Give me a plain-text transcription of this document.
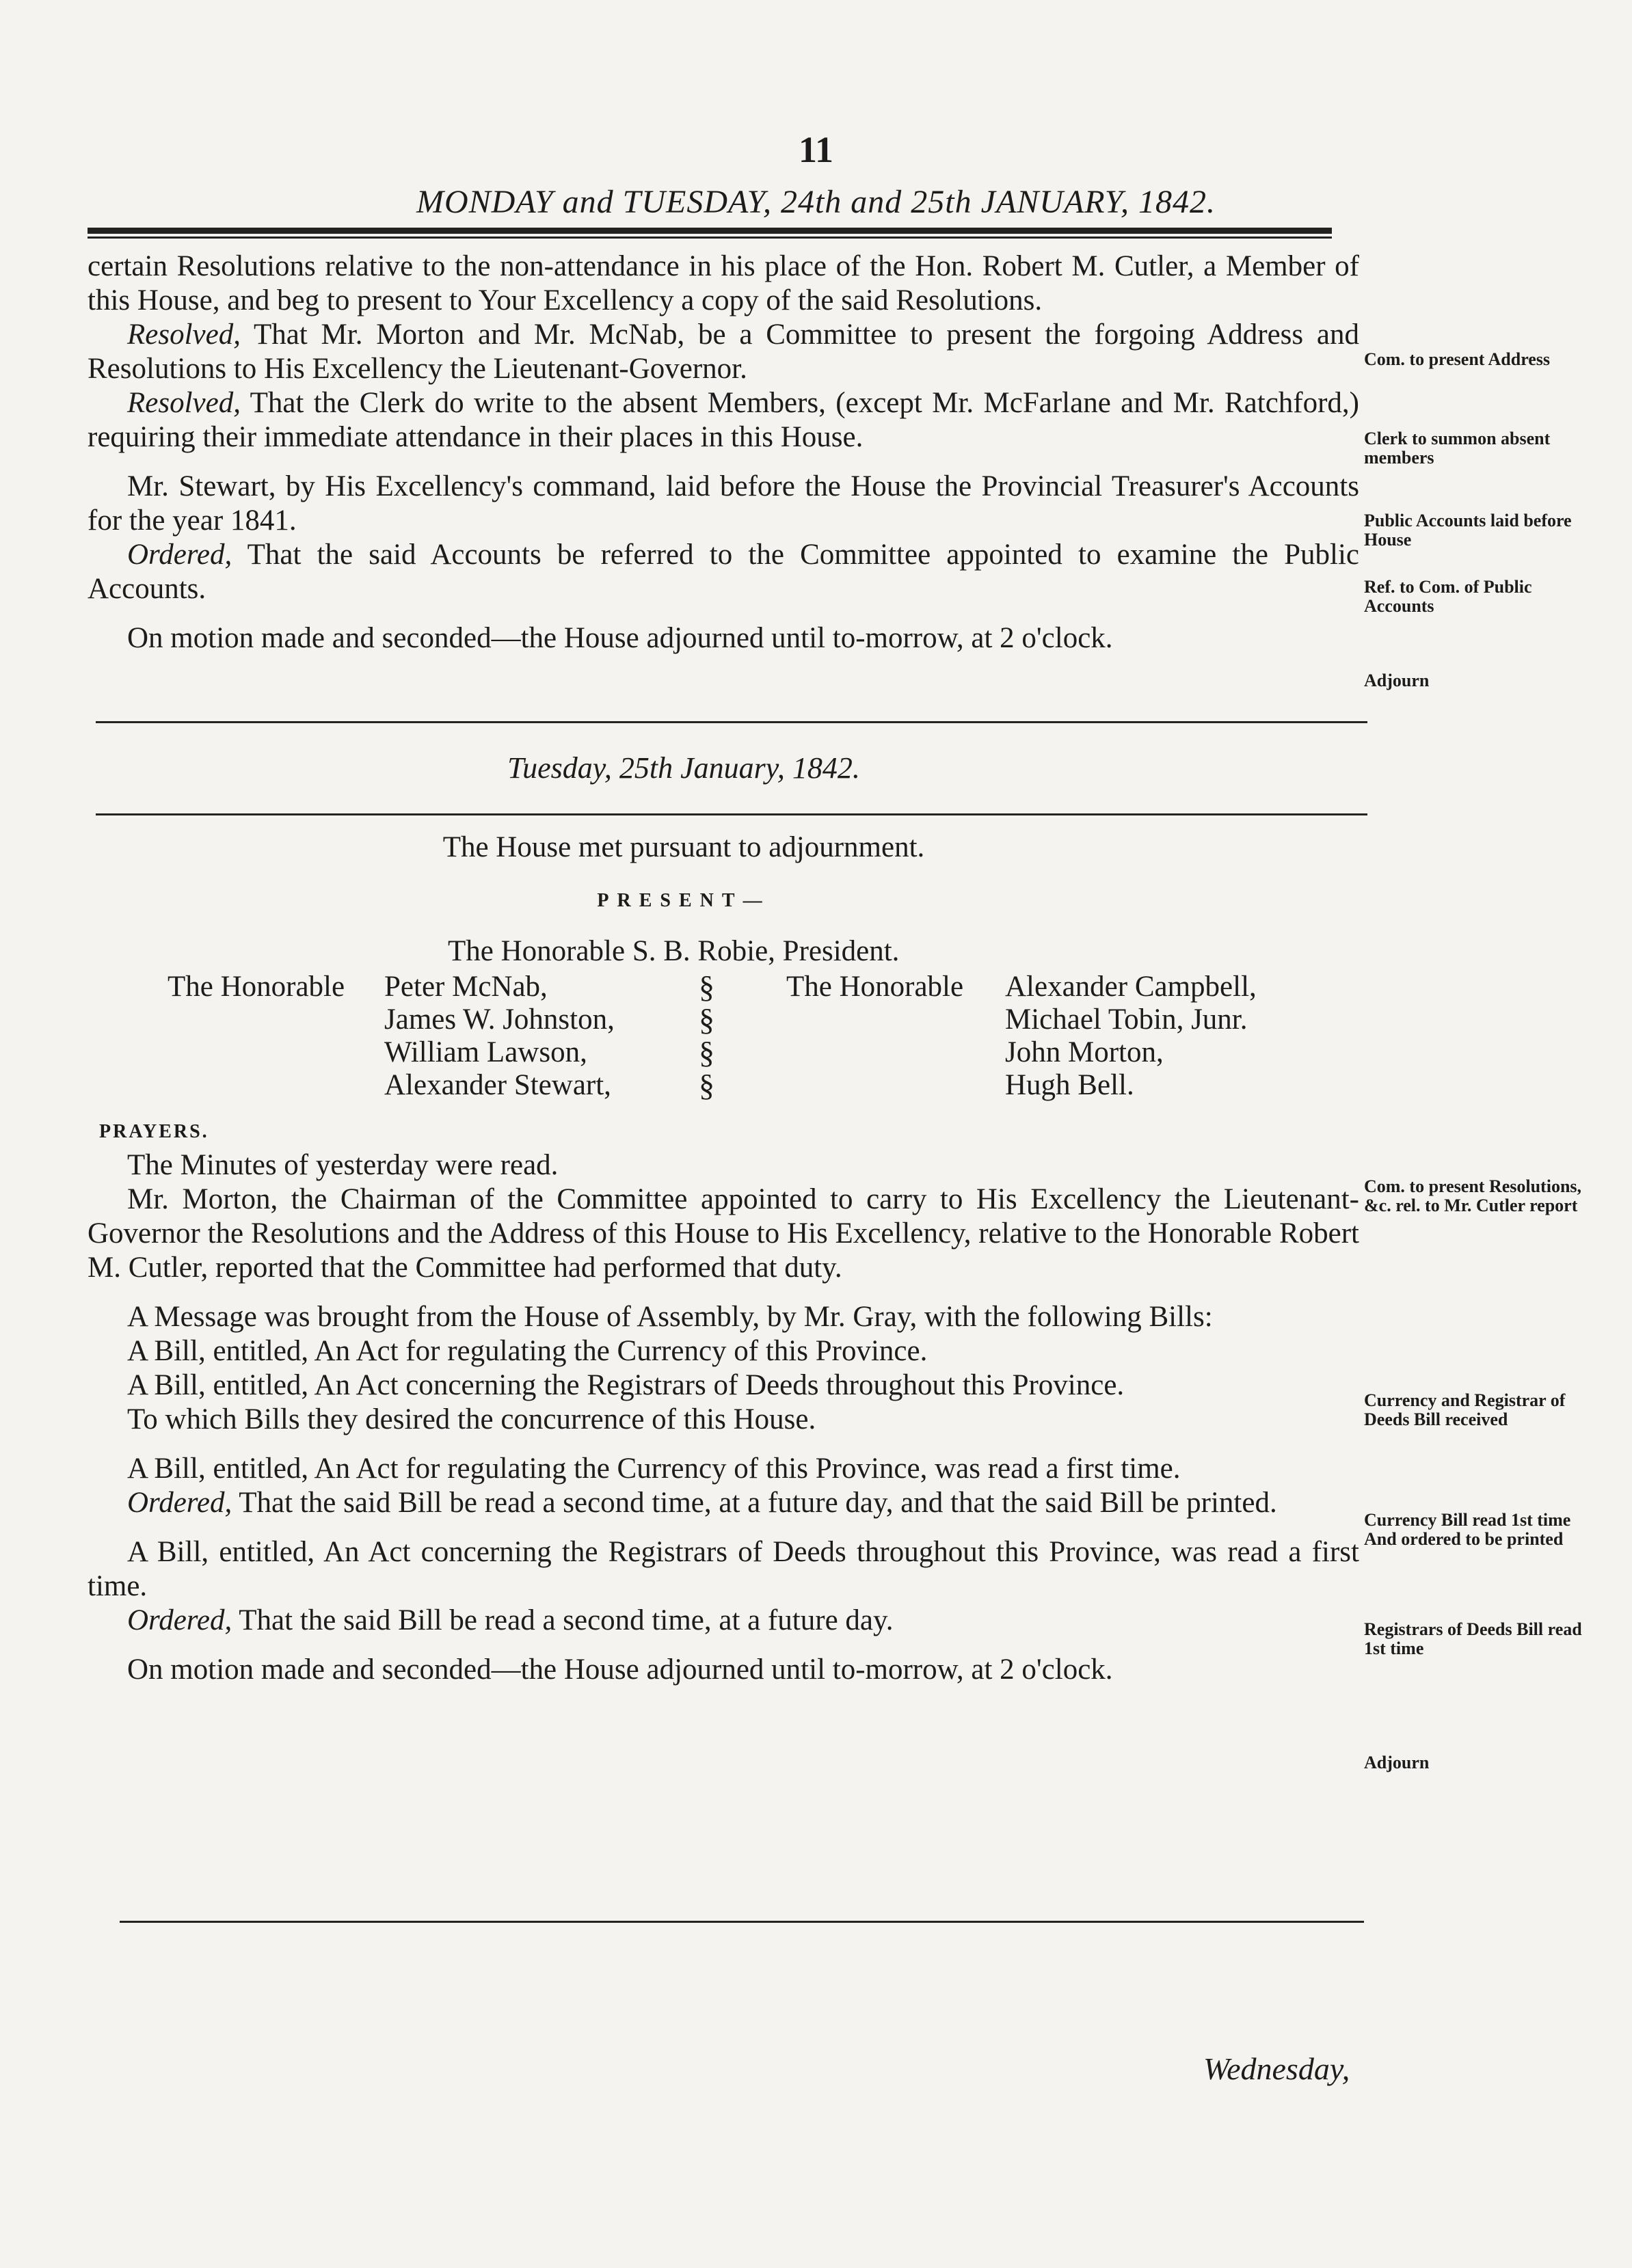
11
MONDAY and TUESDAY, 24th and 25th JANUARY, 1842.

certain Resolutions relative to the non-attendance in his place of the Hon. Robert M. Cutler, a Member of this House, and beg to present to Your Excellency a copy of the said Resolutions.

Resolved, That Mr. Morton and Mr. McNab, be a Committee to present the forgoing Address and Resolutions to His Excellency the Lieutenant-Governor.

Resolved, That the Clerk do write to the absent Members, (except Mr. McFarlane and Mr. Ratchford,) requiring their immediate attendance in their places in this House.

Mr. Stewart, by His Excellency's command, laid before the House the Provincial Treasurer's Accounts for the year 1841.

Ordered, That the said Accounts be referred to the Committee appointed to examine the Public Accounts.

On motion made and seconded—the House adjourned until to-morrow, at 2 o'clock.

Tuesday, 25th January, 1842.
The House met pursuant to adjournment.
PRESENT—
The Honorable S. B. Robie, President.
The Honorable Peter McNab,
James W. Johnston,
William Lawson,
Alexander Stewart,
§
§
§
§
The Honorable Alexander Campbell,
Michael Tobin, Junr.
John Morton,
Hugh Bell.
PRAYERS.

The Minutes of yesterday were read.

Mr. Morton, the Chairman of the Committee appointed to carry to His Excellency the Lieutenant-Governor the Resolutions and the Address of this House to His Excellency, relative to the Honorable Robert M. Cutler, reported that the Committee had performed that duty.

A Message was brought from the House of Assembly, by Mr. Gray, with the following Bills:

A Bill, entitled, An Act for regulating the Currency of this Province.

A Bill, entitled, An Act concerning the Registrars of Deeds throughout this Province.

To which Bills they desired the concurrence of this House.

A Bill, entitled, An Act for regulating the Currency of this Province, was read a first time.

Ordered, That the said Bill be read a second time, at a future day, and that the said Bill be printed.

A Bill, entitled, An Act concerning the Registrars of Deeds throughout this Province, was read a first time.

Ordered, That the said Bill be read a second time, at a future day.

On motion made and seconded—the House adjourned until to-morrow, at 2 o'clock.

Com. to present Address
Clerk to summon absent members
Public Accounts laid before House
Ref. to Com. of Public Accounts
Adjourn
Com. to present Resolutions, &c. rel. to Mr. Cutler report
Currency and Registrar of Deeds Bill received
Currency Bill read 1st time And ordered to be printed
Registrars of Deeds Bill read 1st time
Adjourn
Wednesday,
